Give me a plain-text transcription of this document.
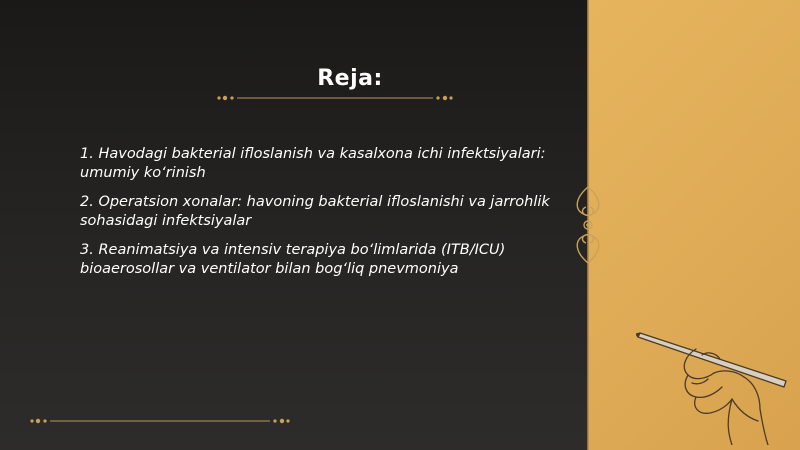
Reja:
1. Havodagi bakterial ifloslanish va kasalxona ichi infektsiyalari: umumiy ko‘rinish
2. Operatsion xonalar: havoning bakterial ifloslanishi va jarrohlik sohasidagi infektsiyalar
3. Reanimatsiya va intensiv terapiya bo‘limlarida (ITB/ICU) bioaerosollar va ventilator bilan bog‘liq pnevmoniya
